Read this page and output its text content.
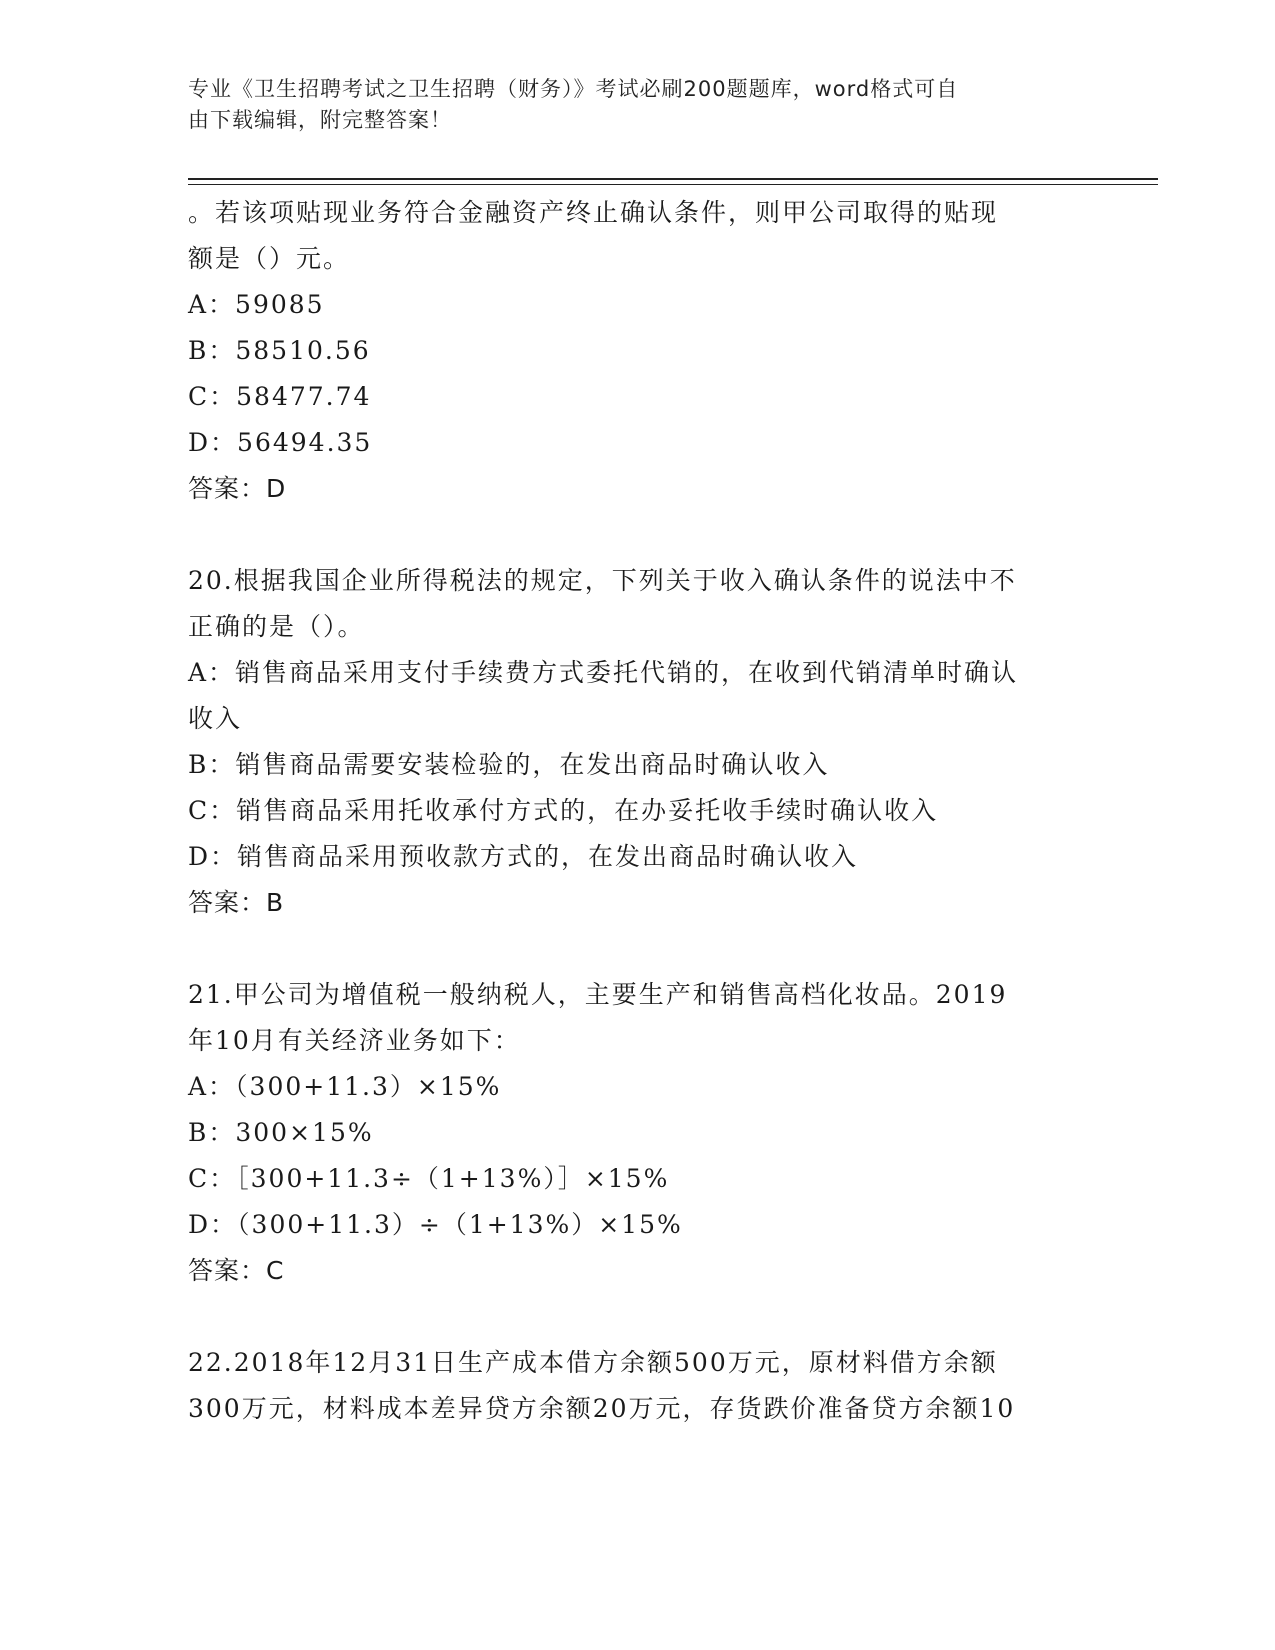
专业《卫生招聘考试之卫生招聘（财务）》考试必刷200题题库，word格式可自
由下载编辑，附完整答案！
。若该项贴现业务符合金融资产终止确认条件，则甲公司取得的贴现
额是（）元。
A：59085
B：58510.56
C：58477.74
D：56494.35
答案：D
20.根据我国企业所得税法的规定，下列关于收入确认条件的说法中不
正确的是（）。
A：销售商品采用支付手续费方式委托代销的，在收到代销清单时确认
收入
B：销售商品需要安装检验的，在发出商品时确认收入
C：销售商品采用托收承付方式的，在办妥托收手续时确认收入
D：销售商品采用预收款方式的，在发出商品时确认收入
答案：B
21.甲公司为增值税一般纳税人，主要生产和销售高档化妆品。2019
年10月有关经济业务如下：
A：（300+11.3）×15%
B：300×15%
C：［300+11.3÷（1+13%）］×15%
D：（300+11.3）÷（1+13%）×15%
答案：C
22.2018年12月31日生产成本借方余额500万元，原材料借方余额
300万元，材料成本差异贷方余额20万元，存货跌价准备贷方余额10
